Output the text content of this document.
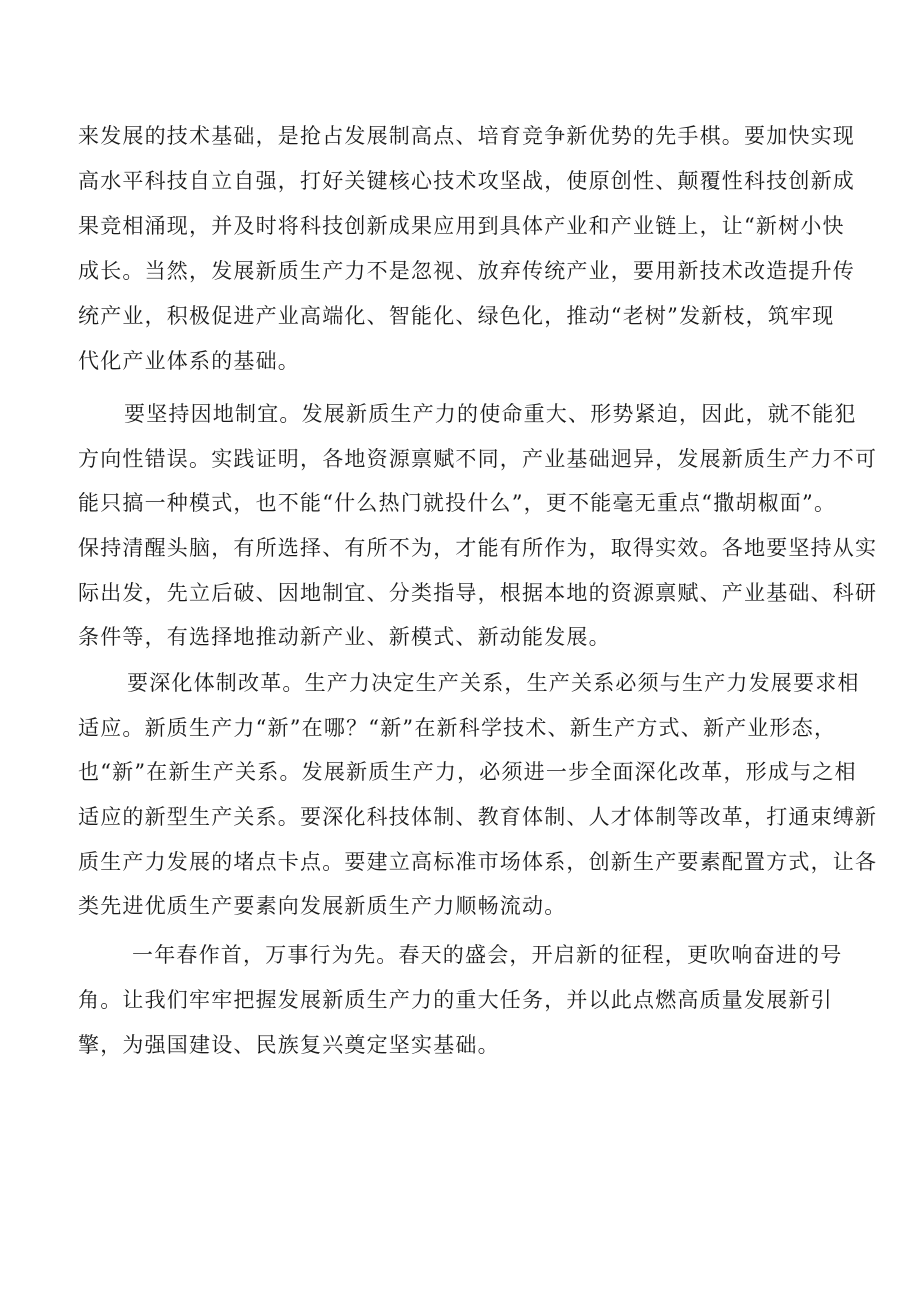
来发展的技术基础，是抢占发展制高点、培育竞争新优势的先手棋。要加快实现
高水平科技自立自强，打好关键核心技术攻坚战，使原创性、颠覆性科技创新成
果竞相涌现，并及时将科技创新成果应用到具体产业和产业链上，让“新树小快
成长。当然，发展新质生产力不是忽视、放弃传统产业，要用新技术改造提升传
统产业，积极促进产业高端化、智能化、绿色化，推动“老树”发新枝，筑牢现
代化产业体系的基础。
要坚持因地制宜。发展新质生产力的使命重大、形势紧迫，因此，就不能犯
方向性错误。实践证明，各地资源禀赋不同，产业基础迥异，发展新质生产力不可
能只搞一种模式，也不能“什么热门就投什么”，更不能毫无重点“撒胡椒面”。
保持清醒头脑，有所选择、有所不为，才能有所作为，取得实效。各地要坚持从实
际出发，先立后破、因地制宜、分类指导，根据本地的资源禀赋、产业基础、科研
条件等，有选择地推动新产业、新模式、新动能发展。
要深化体制改革。生产力决定生产关系，生产关系必须与生产力发展要求相
适应。新质生产力“新”在哪？“新”在新科学技术、新生产方式、新产业形态，
也“新”在新生产关系。发展新质生产力，必须进一步全面深化改革，形成与之相
适应的新型生产关系。要深化科技体制、教育体制、人才体制等改革，打通束缚新
质生产力发展的堵点卡点。要建立高标准市场体系，创新生产要素配置方式，让各
类先进优质生产要素向发展新质生产力顺畅流动。
一年春作首，万事行为先。春天的盛会，开启新的征程，更吹响奋进的号
角。让我们牢牢把握发展新质生产力的重大任务，并以此点燃高质量发展新引
擎，为强国建设、民族复兴奠定坚实基础。
